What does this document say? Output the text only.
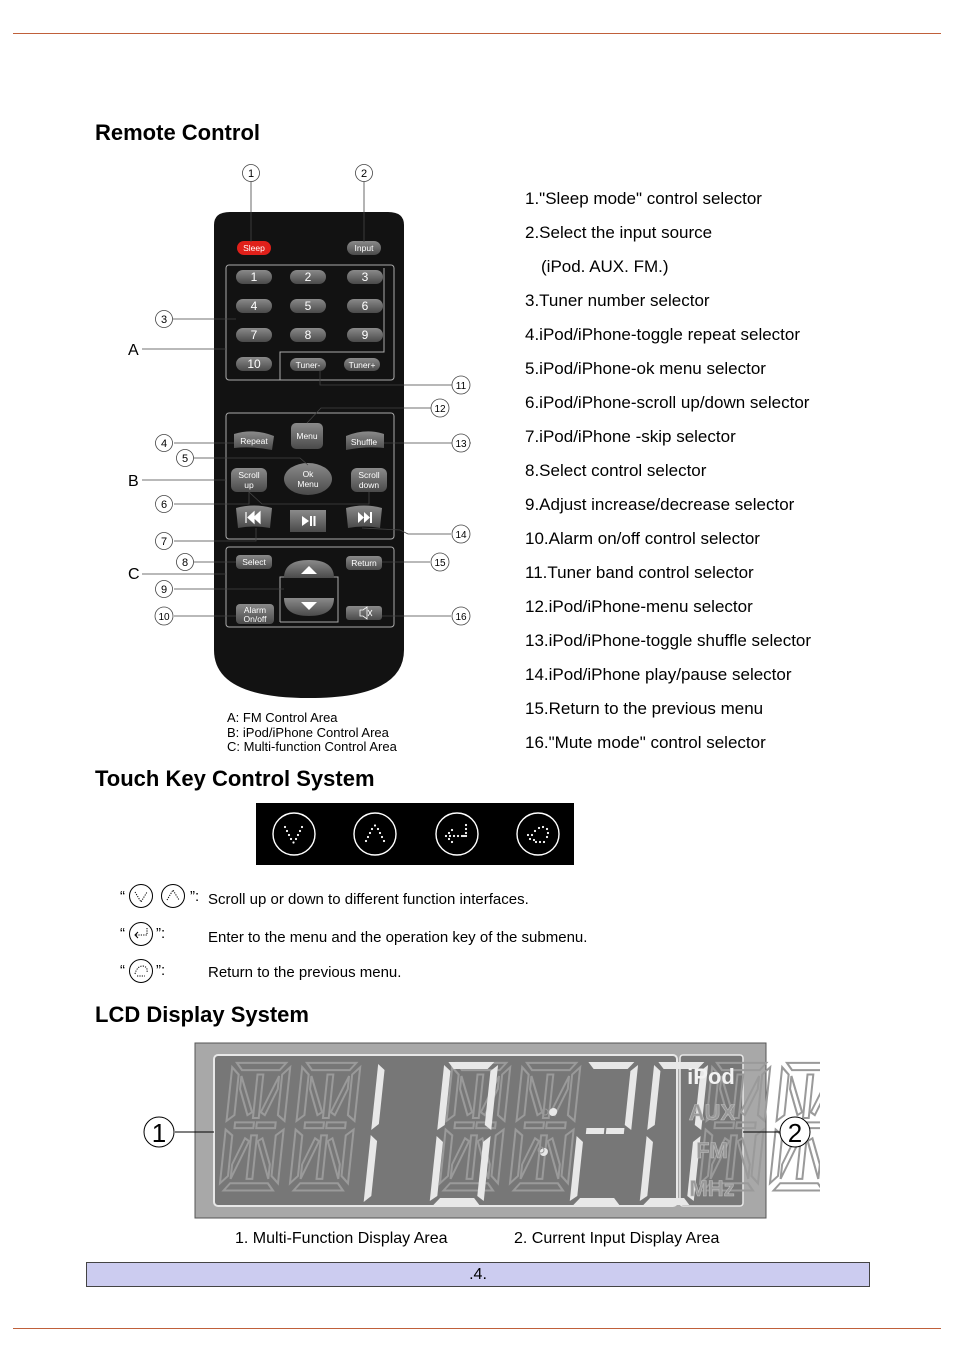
Remote Control
Sleep	Input
1	2	3
4	5	6
7	8	9
10	Tuner-	Tuner+
Menu
Repeat	Shuffle
Ok
Menu
Scroll
up
Scroll
down
Select	Return
Alarm
On/off
1	2
3
4
5
6
7
8
9
10
11
12
13
14
15
16
A
B
C
A: FM Control Area
B: iPod/iPhone Control Area
C: Multi-function Control Area
1."Sleep mode" control selector
2.Select the input source
(iPod. AUX. FM.)
3.Tuner number selector
4.iPod/iPhone-toggle repeat selector
5.iPod/iPhone-ok menu selector
6.iPod/iPhone-scroll up/down selector
7.iPod/iPhone -skip selector
8.Select control selector
9.Adjust increase/decrease selector
10.Alarm on/off control selector
11.Tuner band control selector
12.iPod/iPhone-menu selector
13.iPod/iPhone-toggle shuffle selector
14.iPod/iPhone play/pause selector
15.Return to the previous menu
16."Mute mode" control selector
Touch Key Control System
“	”: Scroll up or down to different function interfaces.
“ ”:	Enter to the menu and the operation key of the submenu.
“ ”:	Return to the previous menu.
LCD Display System
iPod
AUX
FM
MHz
1	2
1. Multi-Function Display Area	2. Current Input Display Area
.4.
